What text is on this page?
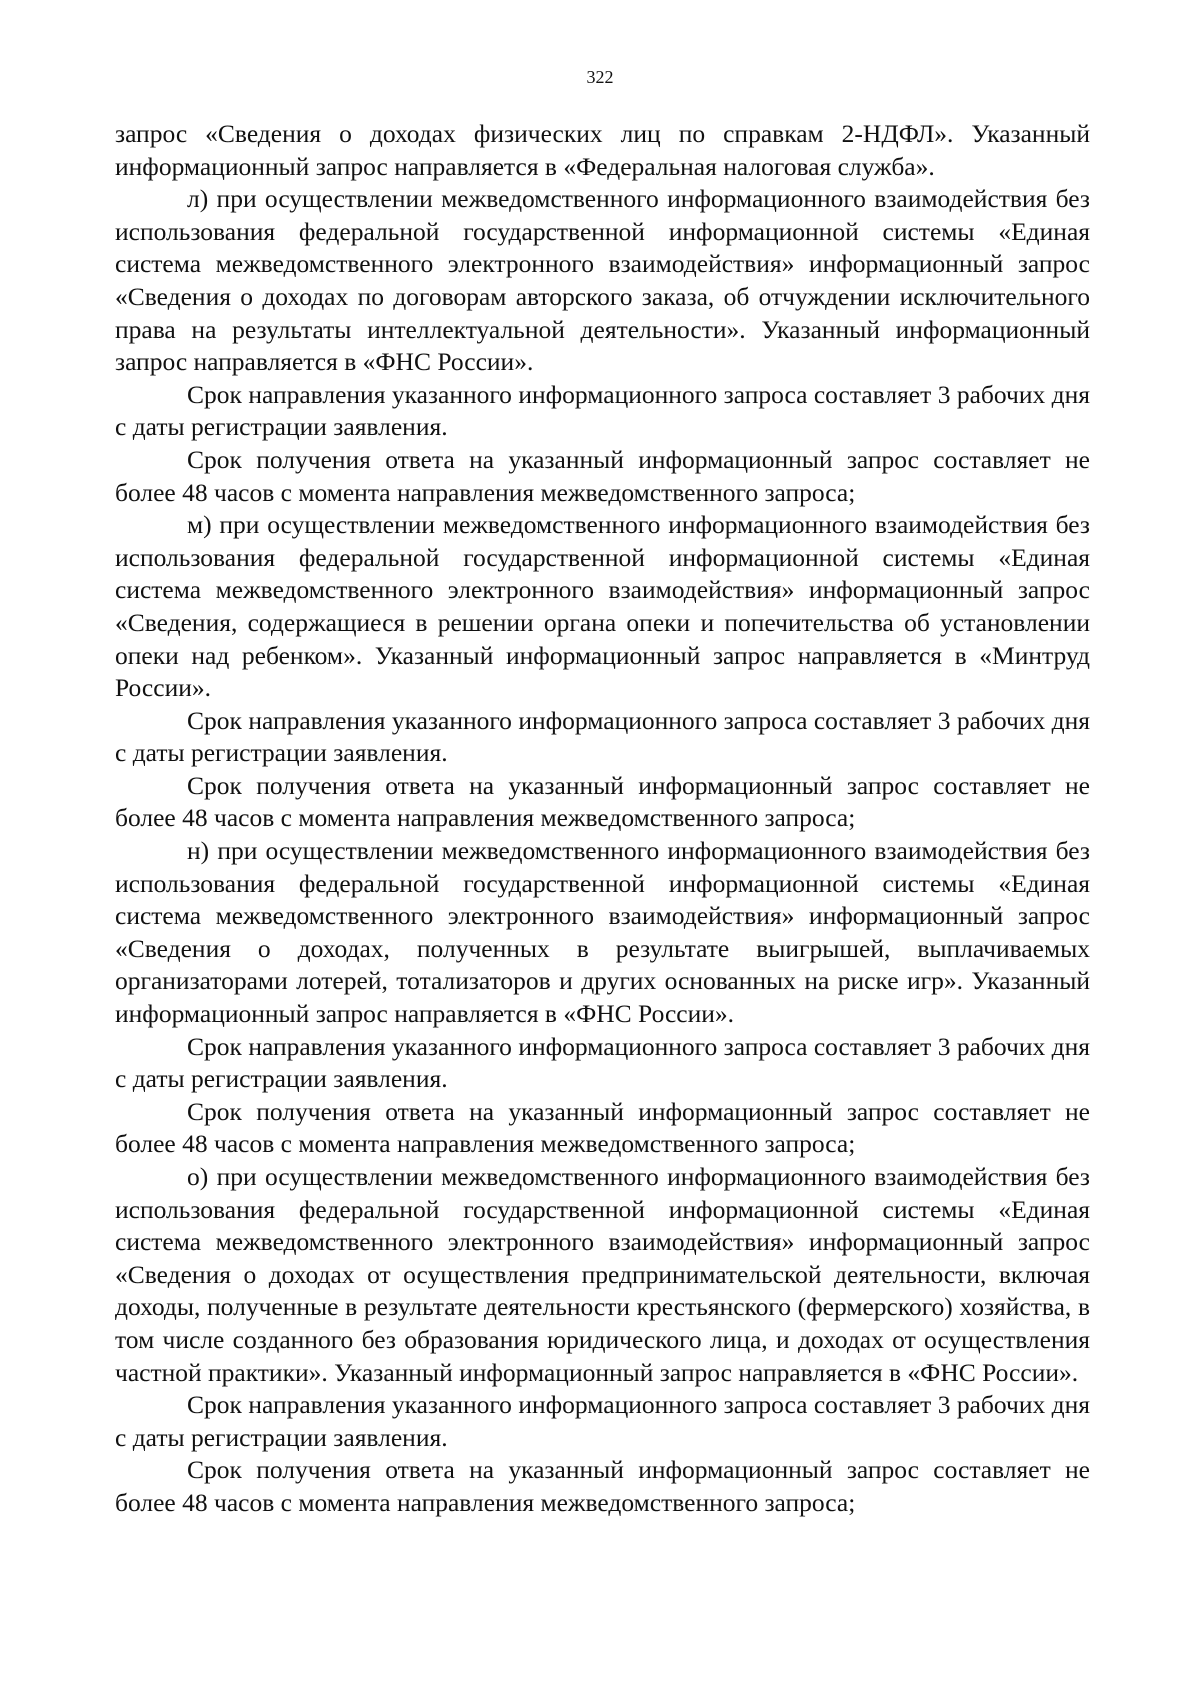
322

запрос «Сведения о доходах физических лиц по справкам 2-НДФЛ». Указанный информационный запрос направляется в «Федеральная налоговая служба».

л) при осуществлении межведомственного информационного взаимодействия без использования федеральной государственной информационной системы «Единая система межведомственного электронного взаимодействия» информационный запрос «Сведения о доходах по договорам авторского заказа, об отчуждении исключительного права на результаты интеллектуальной деятельности». Указанный информационный запрос направляется в «ФНС России».

Срок направления указанного информационного запроса составляет 3 рабочих дня с даты регистрации заявления.

Срок получения ответа на указанный информационный запрос составляет не более 48 часов с момента направления межведомственного запроса;

м) при осуществлении межведомственного информационного взаимодействия без использования федеральной государственной информационной системы «Единая система межведомственного электронного взаимодействия» информационный запрос «Сведения, содержащиеся в решении органа опеки и попечительства об установлении опеки над ребенком». Указанный информационный запрос направляется в «Минтруд России».

Срок направления указанного информационного запроса составляет 3 рабочих дня с даты регистрации заявления.

Срок получения ответа на указанный информационный запрос составляет не более 48 часов с момента направления межведомственного запроса;

н) при осуществлении межведомственного информационного взаимодействия без использования федеральной государственной информационной системы «Единая система межведомственного электронного взаимодействия» информационный запрос «Сведения о доходах, полученных в результате выигрышей, выплачиваемых организаторами лотерей, тотализаторов и других основанных на риске игр». Указанный информационный запрос направляется в «ФНС России».

Срок направления указанного информационного запроса составляет 3 рабочих дня с даты регистрации заявления.

Срок получения ответа на указанный информационный запрос составляет не более 48 часов с момента направления межведомственного запроса;

о) при осуществлении межведомственного информационного взаимодействия без использования федеральной государственной информационной системы «Единая система межведомственного электронного взаимодействия» информационный запрос «Сведения о доходах от осуществления предпринимательской деятельности, включая доходы, полученные в результате деятельности крестьянского (фермерского) хозяйства, в том числе созданного без образования юридического лица, и доходах от осуществления частной практики». Указанный информационный запрос направляется в «ФНС России».

Срок направления указанного информационного запроса составляет 3 рабочих дня с даты регистрации заявления.

Срок получения ответа на указанный информационный запрос составляет не более 48 часов с момента направления межведомственного запроса;
